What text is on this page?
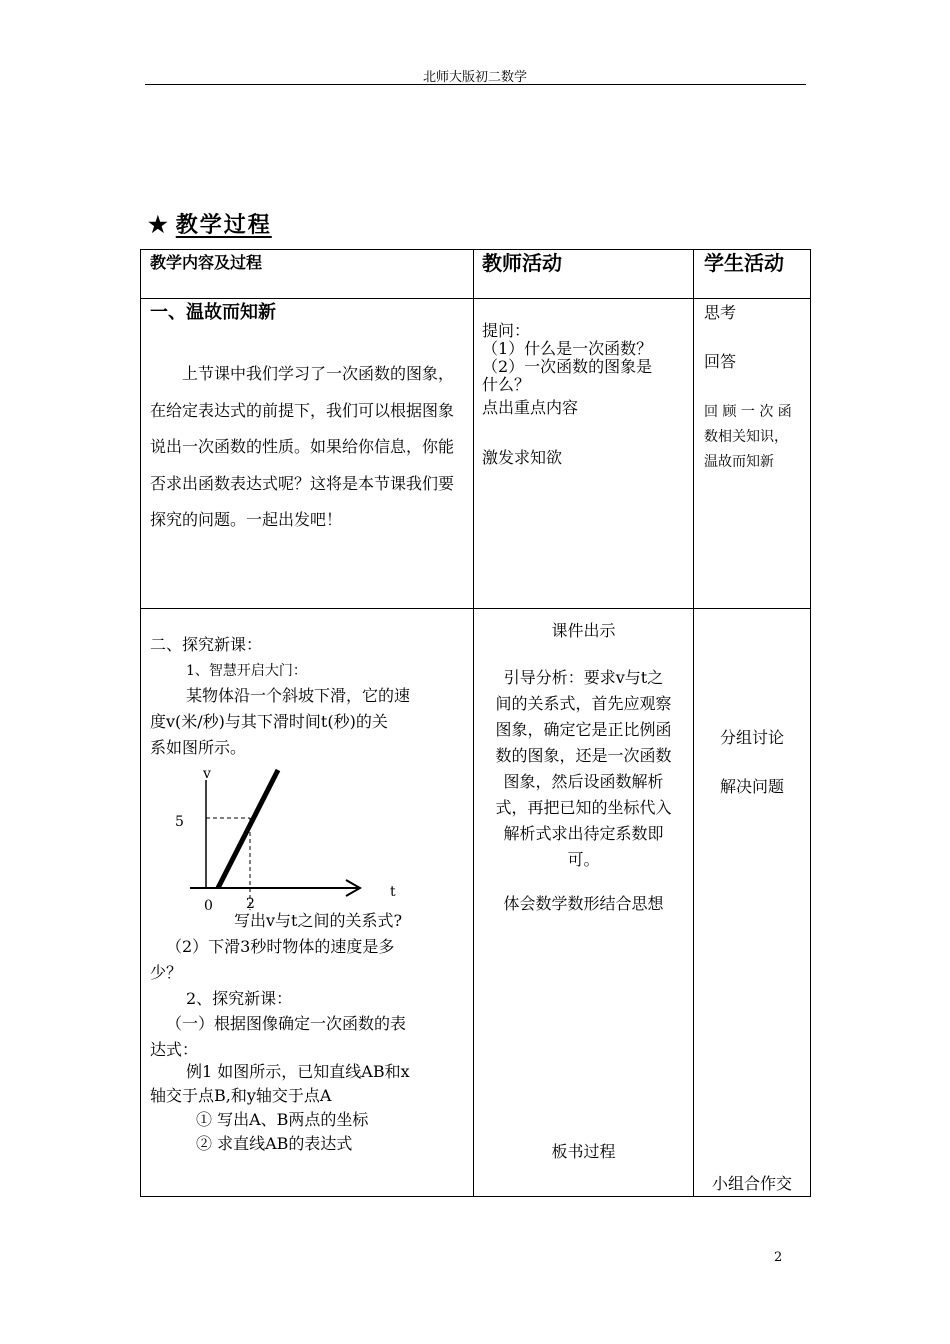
北师大版初二数学
★ 教学过程
教学内容及过程	教师活动	学生活动
一、温故而知新

上节课中我们学习了一次函数的图象，在给定表达式的前提下，我们可以根据图象说出一次函数的性质。如果给你信息，你能否求出函数表达式呢？这将是本节课我们要探究的问题。一起出发吧！

提问：
（1）什么是一次函数？
（2）一次函数的图象是
什么？
点出重点内容
激发求知欲
思考
回答
回 顾 一 次 函
数相关知识，
温故而知新
二、探究新课：
1、智慧开启大门：
某物体沿一个斜坡下滑，它的速
度v(米/秒)与其下滑时间t(秒)的关
系如图所示。
v
t
5
0 2
写出v与t之间的关系式?
（2）下滑3秒时物体的速度是多
少？
2、探究新课：
（一）根据图像确定一次函数的表
达式：
例1 如图所示，已知直线AB和x
轴交于点B,和y轴交于点A
① 写出A、B两点的坐标
② 求直线AB的表达式
课件出示
引导分析：要求v与t之
间的关系式，首先应观察
图象，确定它是正比例函
数的图象，还是一次函数
图象，然后设函数解析
式，再把已知的坐标代入
解析式求出待定系数即
可。
体会数学数形结合思想
板书过程
分组讨论
解决问题
小组合作交
2
